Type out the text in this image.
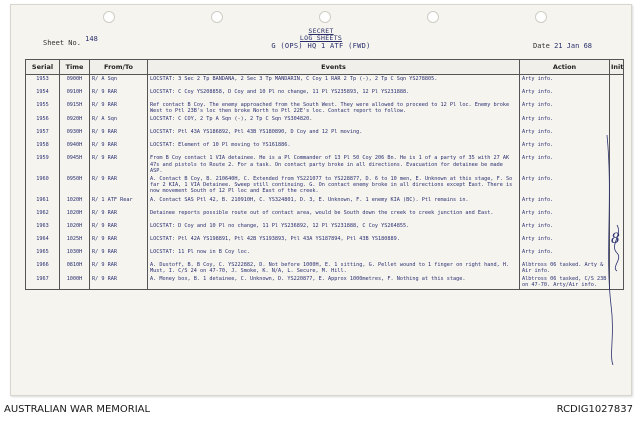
Sheet No. 148
SECRET
LOG SHEETS
G (OPS) HQ 1 ATF (FWD)	Date 21 Jan 68
Serial	Time	From/To	Events	Action	Init
1953	0900H	R/ A Sqn	LOCSTAT: 3 Sec 2 Tp BANDANA, 2 Sec 3 Tp MANDARIN, C Coy 1 RAR 2 Tp (-), 2 Tp C Sqn YS278805.	Arty info.	
1954	0910H	R/ 9 RAR	LOCSTAT: C Coy YS208858, D Coy and 10 Pl no change, 11 Pl YS235893, 12 Pl YS231888.	Arty info.	
1955	0915H	R/ 9 RAR	Ref contact B Coy. The enemy approached from the South West. They were allowed to proceed to 12 Pl loc. Enemy broke West to Ptl 23B's loc then broke North to Ptl 22E's loc. Contact report to follow.	Arty info.	
1956	0920H	R/ A Sqn	LOCSTAT: C COY, 2 Tp A Sqn (-), 2 Tp C Sqn YS304820.	Arty info.	
1957	0930H	R/ 9 RAR	LOCSTAT: Ptl 43A YS186892, Ptl 43B YS180890, D Coy and 12 Pl moving.	Arty info.	
1958	0940H	R/ 9 RAR	LOCSTAT: Element of 10 Pl moving to YS161886.	Arty info.	
1959	0945H	R/ 9 RAR	From B Coy contact 1 VIA detainee. He is a Pl Commander of 13 Pl 50 Coy 206 Bn. He is 1 of a party of 35 with 27 AK 47s and pistols to Route 2. For a task. On contact party broke in all directions. Evacuation for detainee be made ASP.	Arty info.	
1960	0950H	R/ 9 RAR	A. Contact B Coy, B. 210640H, C. Extended from YS221077 to YS228877, D. 6 to 10 men, E. Unknown at this stage, F. So far 2 KIA, 1 VIA Detainee. Sweep still continuing. G. On contact enemy broke in all directions except East. There is now movement South of 12 Pl loc and East of the creek.	Arty info.	
1961	1020H	R/ 1 ATF Rear	A. Contact SAS Ptl 42, B. 210910H, C. YS324801, D. 3, E. Unknown, F. 1 enemy KIA (BC). Ptl remains in.	Arty info.	
1962	1020H	R/ 9 RAR	Detainee reports possible route out of contact area, would be South down the creek to creek junction and East.	Arty info.	
1963	1020H	R/ 9 RAR	LOCSTAT: D Coy and 10 Pl no change, 11 Pl YS236892, 12 Pl YS231888, C Coy YS264855.	Arty info.	
1964	1025H	R/ 9 RAR	LOCSTAT: Ptl 42A YS198891, Ptl 42B YS193893, Ptl 43A YS187894, Ptl 43B YS180889.	Arty info.	
1965	1030H	R/ 9 RAR	LOCSTAT: 11 Pl now in B Coy loc.	Arty info.	
1966	0810H	R/ 9 RAR	A. Dustoff, B. B Coy, C. YS222882, D. Not before 1000H, E. 1 sitting, G. Pellet wound to 1 finger on right hand, H. Must, I. C/S 24 on 47-70, J. Smoke, K. N/A, L. Secure, M. Hill.	Albtross 06 tasked. Arty & Air info.	
1967	1000H	R/ 9 RAR	A. Money box, B. 1 detainee, C. Unknown, D. YS220877, E. Approx 1000metres, F. Nothing at this stage.	Albtross 06 tasked, C/S 23B on 47-70. Arty/Air info.	
8
AUSTRALIAN WAR MEMORIAL	RCDIG1027837
